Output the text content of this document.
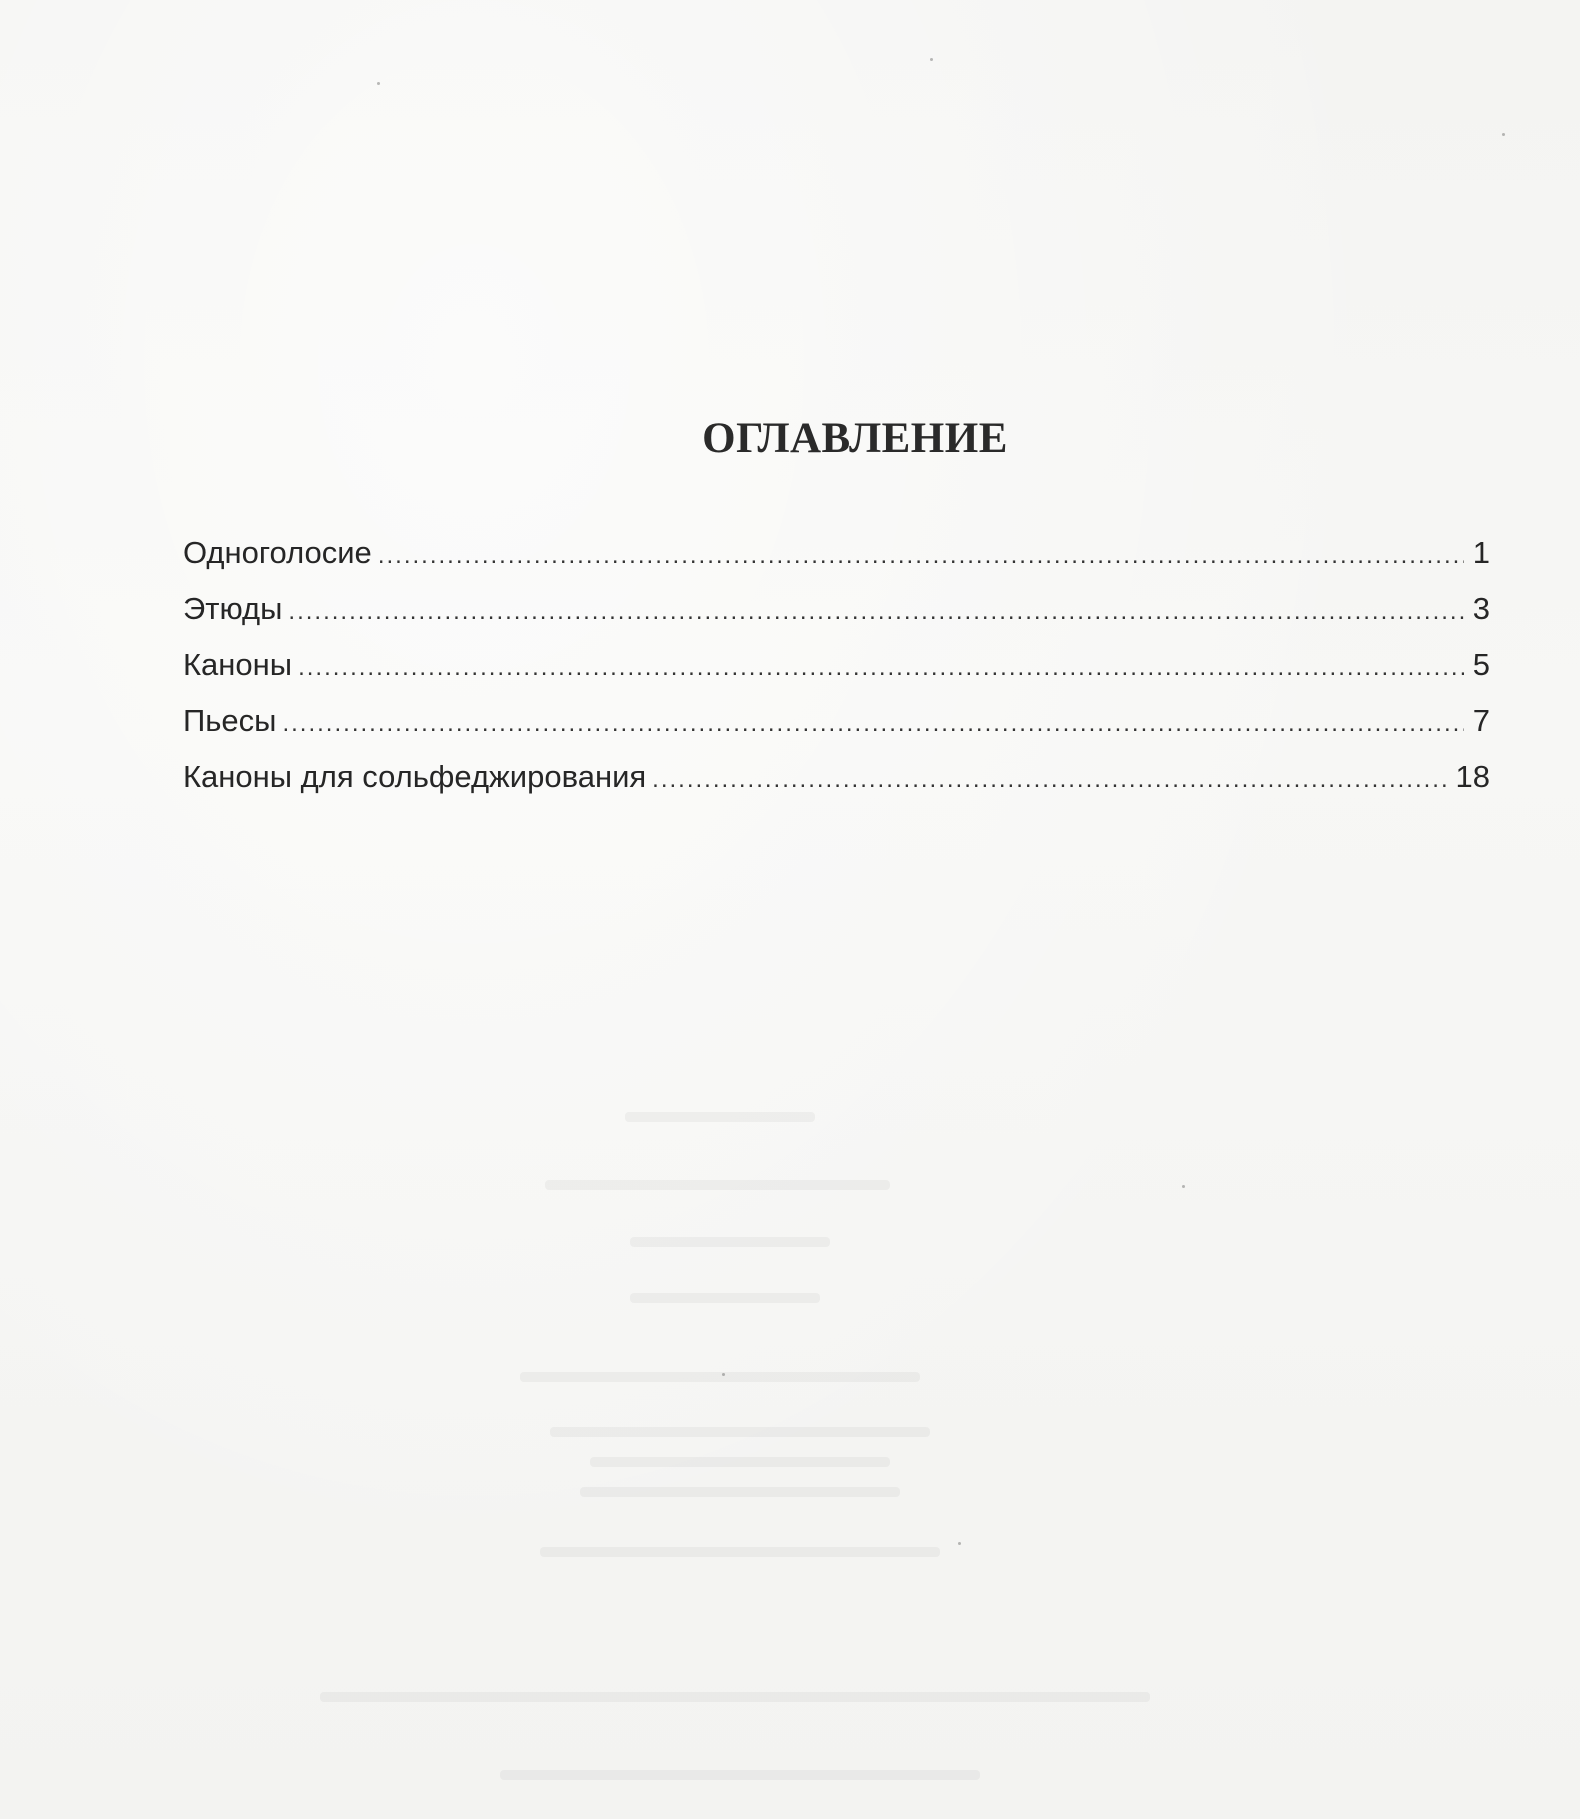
ОГЛАВЛЕНИЕ
Одноголосие .....	1
Этюды .....	3
Каноны .....	5
Пьесы .....	7
Каноны для сольфеджирования .....	18
